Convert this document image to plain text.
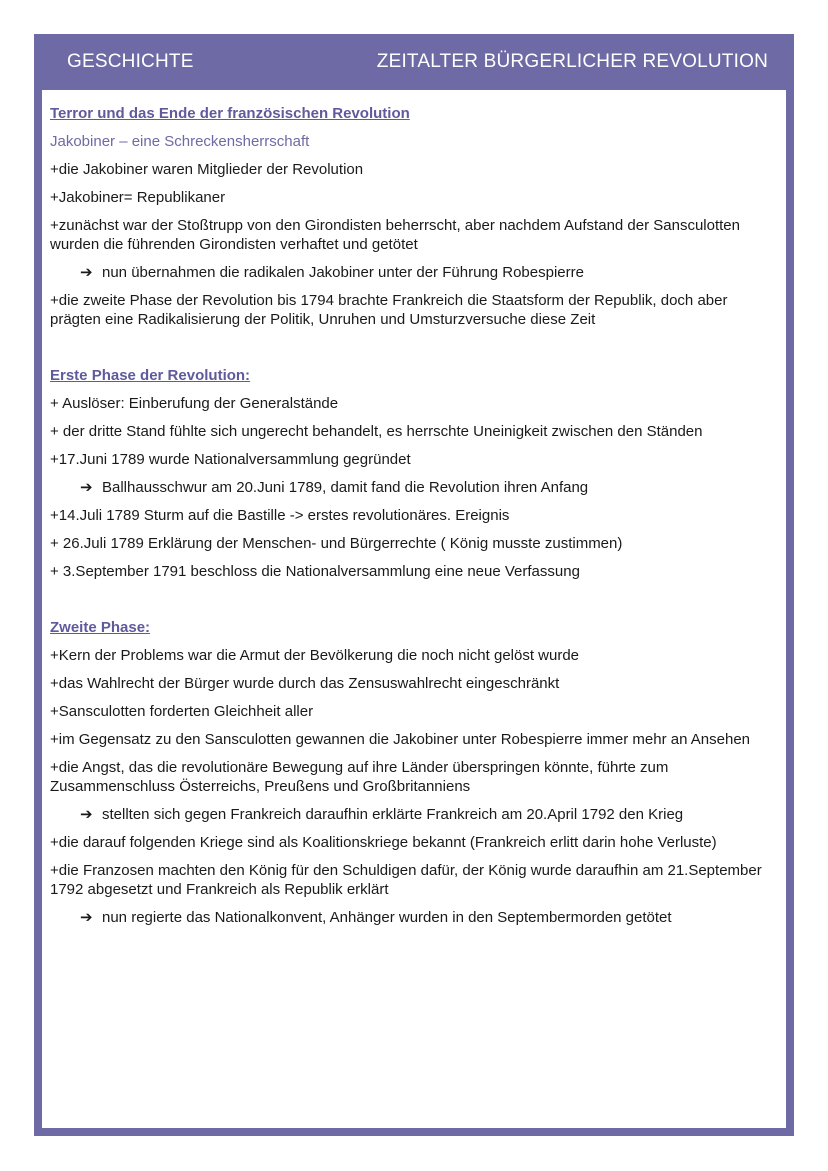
GESCHICHTE	ZEITALTER BÜRGERLICHER REVOLUTION
Terror und das Ende der französischen Revolution
Jakobiner – eine Schreckensherrschaft
+die Jakobiner waren Mitglieder der Revolution
+Jakobiner= Republikaner
+zunächst war der Stoßtrupp von den Girondisten beherrscht, aber nachdem Aufstand der Sansculotten wurden die führenden Girondisten verhaftet und getötet
➔ nun übernahmen die radikalen Jakobiner unter der Führung Robespierre
+die zweite Phase der Revolution bis 1794 brachte Frankreich die Staatsform der Republik, doch aber prägten eine Radikalisierung der Politik, Unruhen und Umsturzversuche diese Zeit
Erste Phase der Revolution:
+ Auslöser: Einberufung der Generalstände
+ der dritte Stand fühlte sich ungerecht behandelt, es herrschte Uneinigkeit zwischen den Ständen
+17.Juni 1789 wurde Nationalversammlung gegründet
➔ Ballhausschwur am 20.Juni 1789, damit fand die Revolution ihren Anfang
+14.Juli 1789 Sturm auf die Bastille -> erstes revolutionäres. Ereignis
+ 26.Juli 1789 Erklärung der Menschen- und Bürgerrechte ( König musste zustimmen)
+ 3.September 1791 beschloss die Nationalversammlung eine neue Verfassung
Zweite Phase:
+Kern der Problems war die Armut der Bevölkerung die noch nicht gelöst wurde
+das Wahlrecht der Bürger wurde durch das Zensuswahlrecht eingeschränkt
+Sansculotten forderten Gleichheit aller
+im Gegensatz zu den Sansculotten gewannen die Jakobiner unter Robespierre immer mehr an Ansehen
+die Angst, das die revolutionäre Bewegung auf ihre Länder überspringen könnte, führte zum Zusammenschluss Österreichs, Preußens und Großbritanniens
➔ stellten sich gegen Frankreich daraufhin erklärte Frankreich am 20.April 1792 den Krieg
+die darauf folgenden Kriege sind als Koalitionskriege bekannt (Frankreich erlitt darin hohe Verluste)
+die Franzosen machten den König für den Schuldigen dafür, der König wurde daraufhin am 21.September 1792 abgesetzt und Frankreich als Republik erklärt
➔ nun regierte das Nationalkonvent, Anhänger wurden in den Septembermorden getötet
